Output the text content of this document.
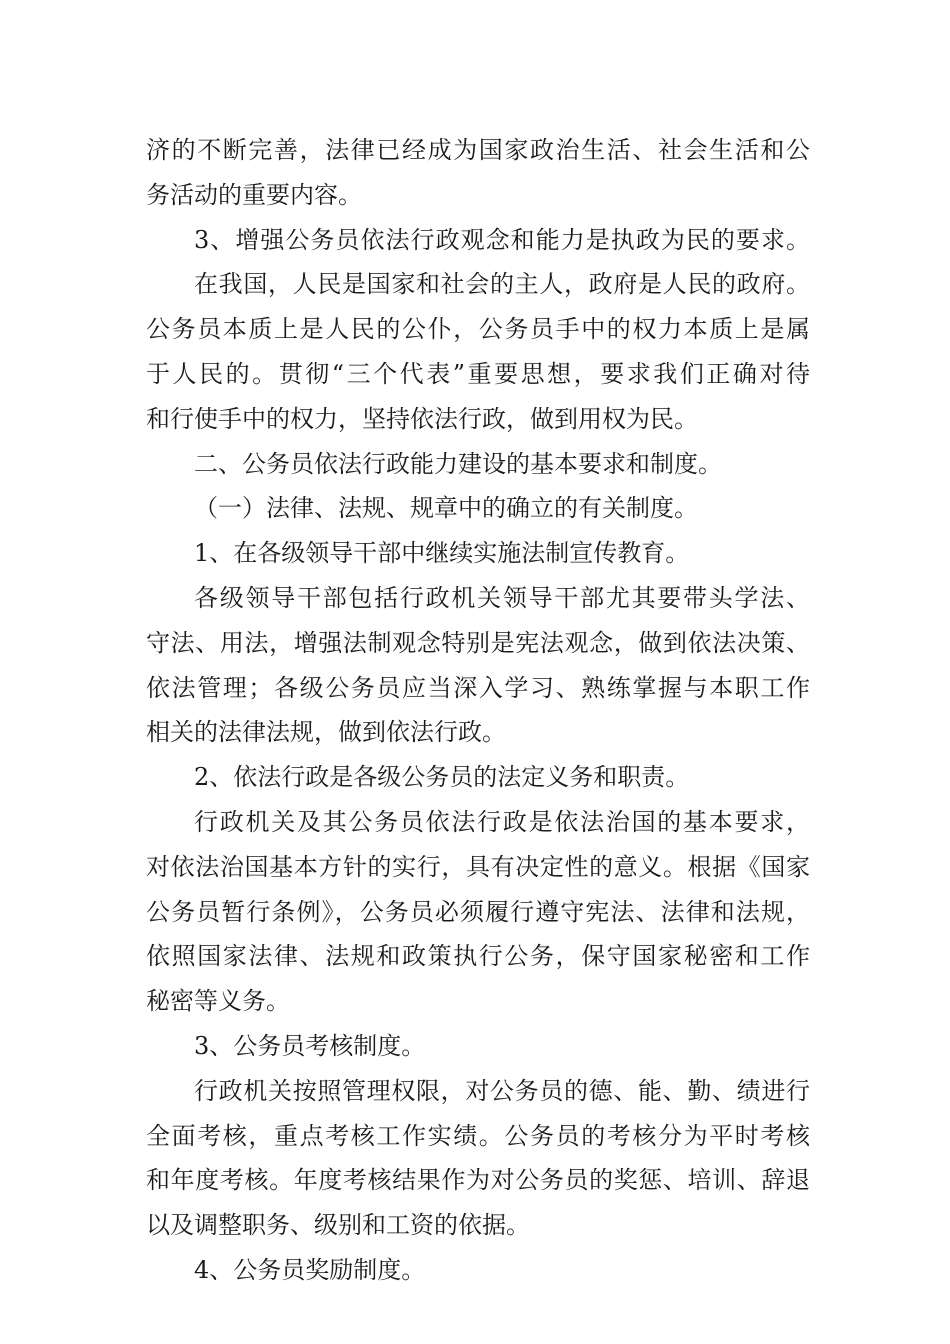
济的不断完善，法律已经成为国家政治生活、社会生活和公
务活动的重要内容。
3、增强公务员依法行政观念和能力是执政为民的要求。
在我国，人民是国家和社会的主人，政府是人民的政府。
公务员本质上是人民的公仆，公务员手中的权力本质上是属
于人民的。贯彻“三个代表”重要思想，要求我们正确对待
和行使手中的权力，坚持依法行政，做到用权为民。
二、公务员依法行政能力建设的基本要求和制度。
（一）法律、法规、规章中的确立的有关制度。
1、在各级领导干部中继续实施法制宣传教育。
各级领导干部包括行政机关领导干部尤其要带头学法、
守法、用法，增强法制观念特别是宪法观念，做到依法决策、
依法管理；各级公务员应当深入学习、熟练掌握与本职工作
相关的法律法规，做到依法行政。
2、依法行政是各级公务员的法定义务和职责。
行政机关及其公务员依法行政是依法治国的基本要求，
对依法治国基本方针的实行，具有决定性的意义。根据《国家
公务员暂行条例》，公务员必须履行遵守宪法、法律和法规，
依照国家法律、法规和政策执行公务，保守国家秘密和工作
秘密等义务。
3、公务员考核制度。
行政机关按照管理权限，对公务员的德、能、勤、绩进行
全面考核，重点考核工作实绩。公务员的考核分为平时考核
和年度考核。年度考核结果作为对公务员的奖惩、培训、辞退
以及调整职务、级别和工资的依据。
4、公务员奖励制度。
